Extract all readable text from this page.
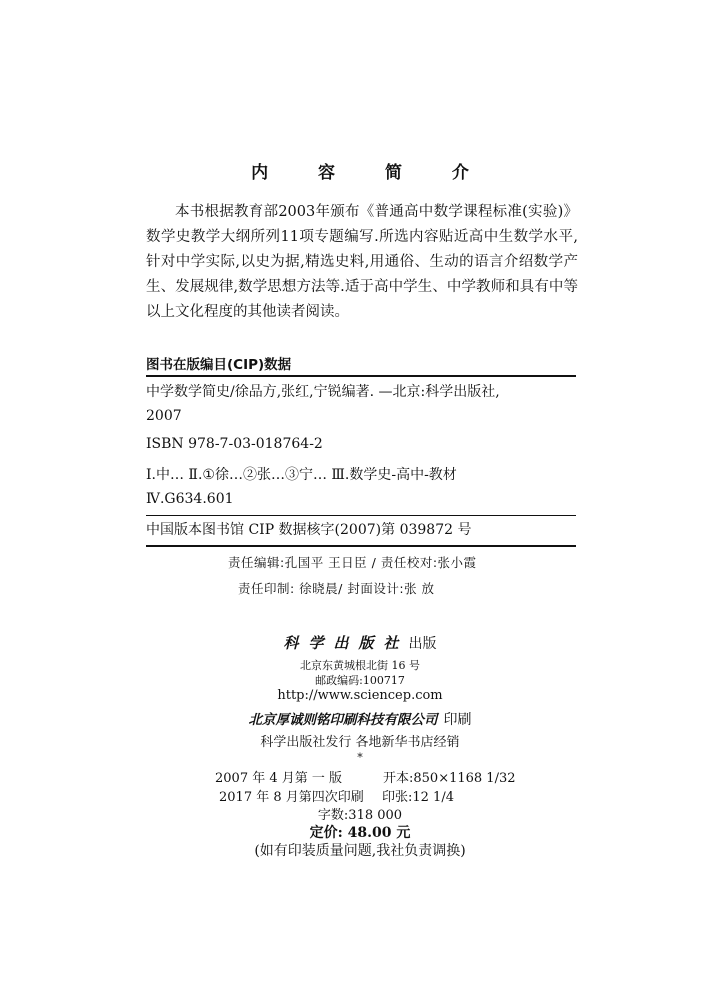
内 容 简 介
本书根据教育部2003年颁布《普通高中数学课程标准(实验)》数学史教学大纲所列11项专题编写.所选内容贴近高中生数学水平,针对中学实际,以史为据,精选史料,用通俗、生动的语言介绍数学产生、发展规律,数学思想方法等.适于高中学生、中学教师和具有中等以上文化程度的其他读者阅读。
图书在版编目(CIP)数据
中学数学简史/徐品方,张红,宁锐编著. —北京:科学出版社,
2007
ISBN 978-7-03-018764-2
Ⅰ.中… Ⅱ.①徐…②张…③宁… Ⅲ.数学史-高中-教材
Ⅳ.G634.601
中国版本图书馆 CIP 数据核字(2007)第 039872 号
责任编辑:孔国平 王日臣 / 责任校对:张小霞
责任印制: 徐晓晨/ 封面设计:张 放
科学出版社出版
北京东黄城根北街 16 号
邮政编码:100717
http://www.sciencep.com
北京厚诚则铭印刷科技有限公司 印刷
科学出版社发行 各地新华书店经销
*
2007 年 4 月第 一 版	开本:850×1168 1/32
2017 年 8 月第四次印刷 印张:12 1/4
字数:318 000
定价: 48.00 元
(如有印装质量问题,我社负责调换)
